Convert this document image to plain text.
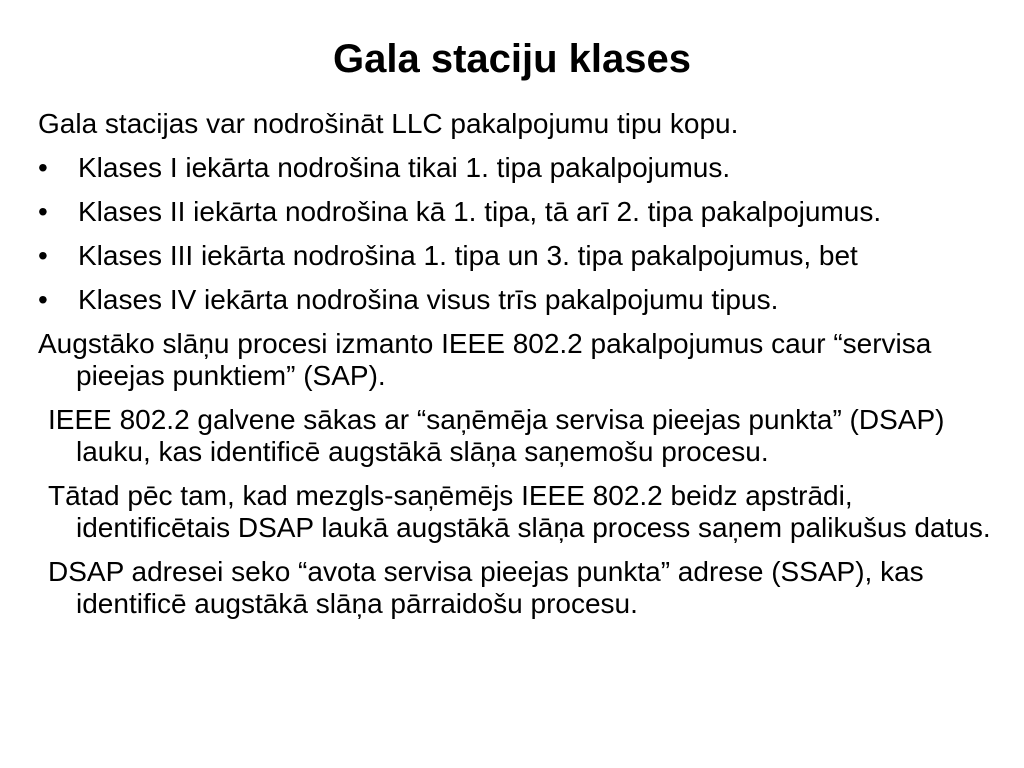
Gala staciju klases

Gala stacijas var nodrošināt LLC pakalpojumu tipu kopu.

• Klases I iekārta nodrošina tikai 1. tipa pakalpojumus.
• Klases II iekārta nodrošina kā 1. tipa, tā arī 2. tipa pakalpojumus.
• Klases III iekārta nodrošina 1. tipa un 3. tipa pakalpojumus, bet
• Klases IV iekārta nodrošina visus trīs pakalpojumu tipus.

Augstāko slāņu procesi izmanto IEEE 802.2 pakalpojumus caur “servisa pieejas punktiem” (SAP).

IEEE 802.2 galvene sākas ar “saņēmēja servisa pieejas punkta” (DSAP) lauku, kas identificē augstākā slāņa saņemošu procesu.

Tātad pēc tam, kad mezgls-saņēmējs IEEE 802.2 beidz apstrādi, identificētais DSAP laukā augstākā slāņa process saņem palikušus datus.

DSAP adresei seko “avota servisa pieejas punkta” adrese (SSAP), kas identificē augstākā slāņa pārraidošu procesu.
